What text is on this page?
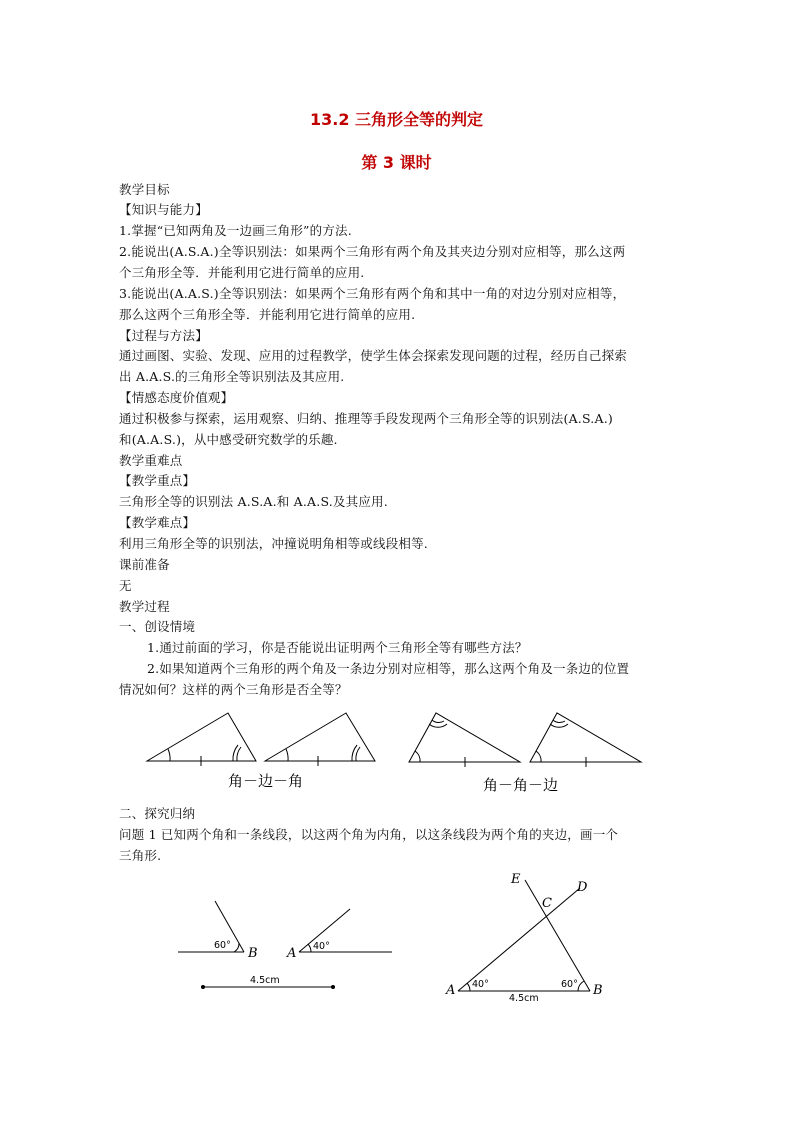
13.2 三角形全等的判定
第 3 课时
教学目标
【知识与能力】
1.掌握“已知两角及一边画三角形”的方法.
2.能说出(A.S.A.)全等识别法：如果两个三角形有两个角及其夹边分别对应相等，那么这两
个三角形全等．并能利用它进行简单的应用.
3.能说出(A.A.S.)全等识别法：如果两个三角形有两个角和其中一角的对边分别对应相等，
那么这两个三角形全等．并能利用它进行简单的应用.
【过程与方法】
通过画图、实验、发现、应用的过程教学，使学生体会探索发现问题的过程，经历自己探索
出 A.A.S.的三角形全等识别法及其应用.
【情感态度价值观】
通过积极参与探索，运用观察、归纳、推理等手段发现两个三角形全等的识别法(A.S.A.)
和(A.A.S.)，从中感受研究数学的乐趣.
教学重难点
【教学重点】
三角形全等的识别法 A.S.A.和 A.A.S.及其应用.
【教学难点】
利用三角形全等的识别法，冲撞说明角相等或线段相等.
课前准备
无
教学过程
一、创设情境
1.通过前面的学习，你是否能说出证明两个三角形全等有哪些方法？
2.如果知道两个三角形的两个角及一条边分别对应相等，那么这两个角及一条边的位置
情况如何？这样的两个三角形是否全等？
角－边－角	角－角－边
二、探究归纳
问题 1 已知两个角和一条线段，以这两个角为内角，以这条线段为两个角的夹边，画一个
三角形.
60°
B A 40°
4.5cm
E
D
C
A	B
40°	60°
4.5cm
